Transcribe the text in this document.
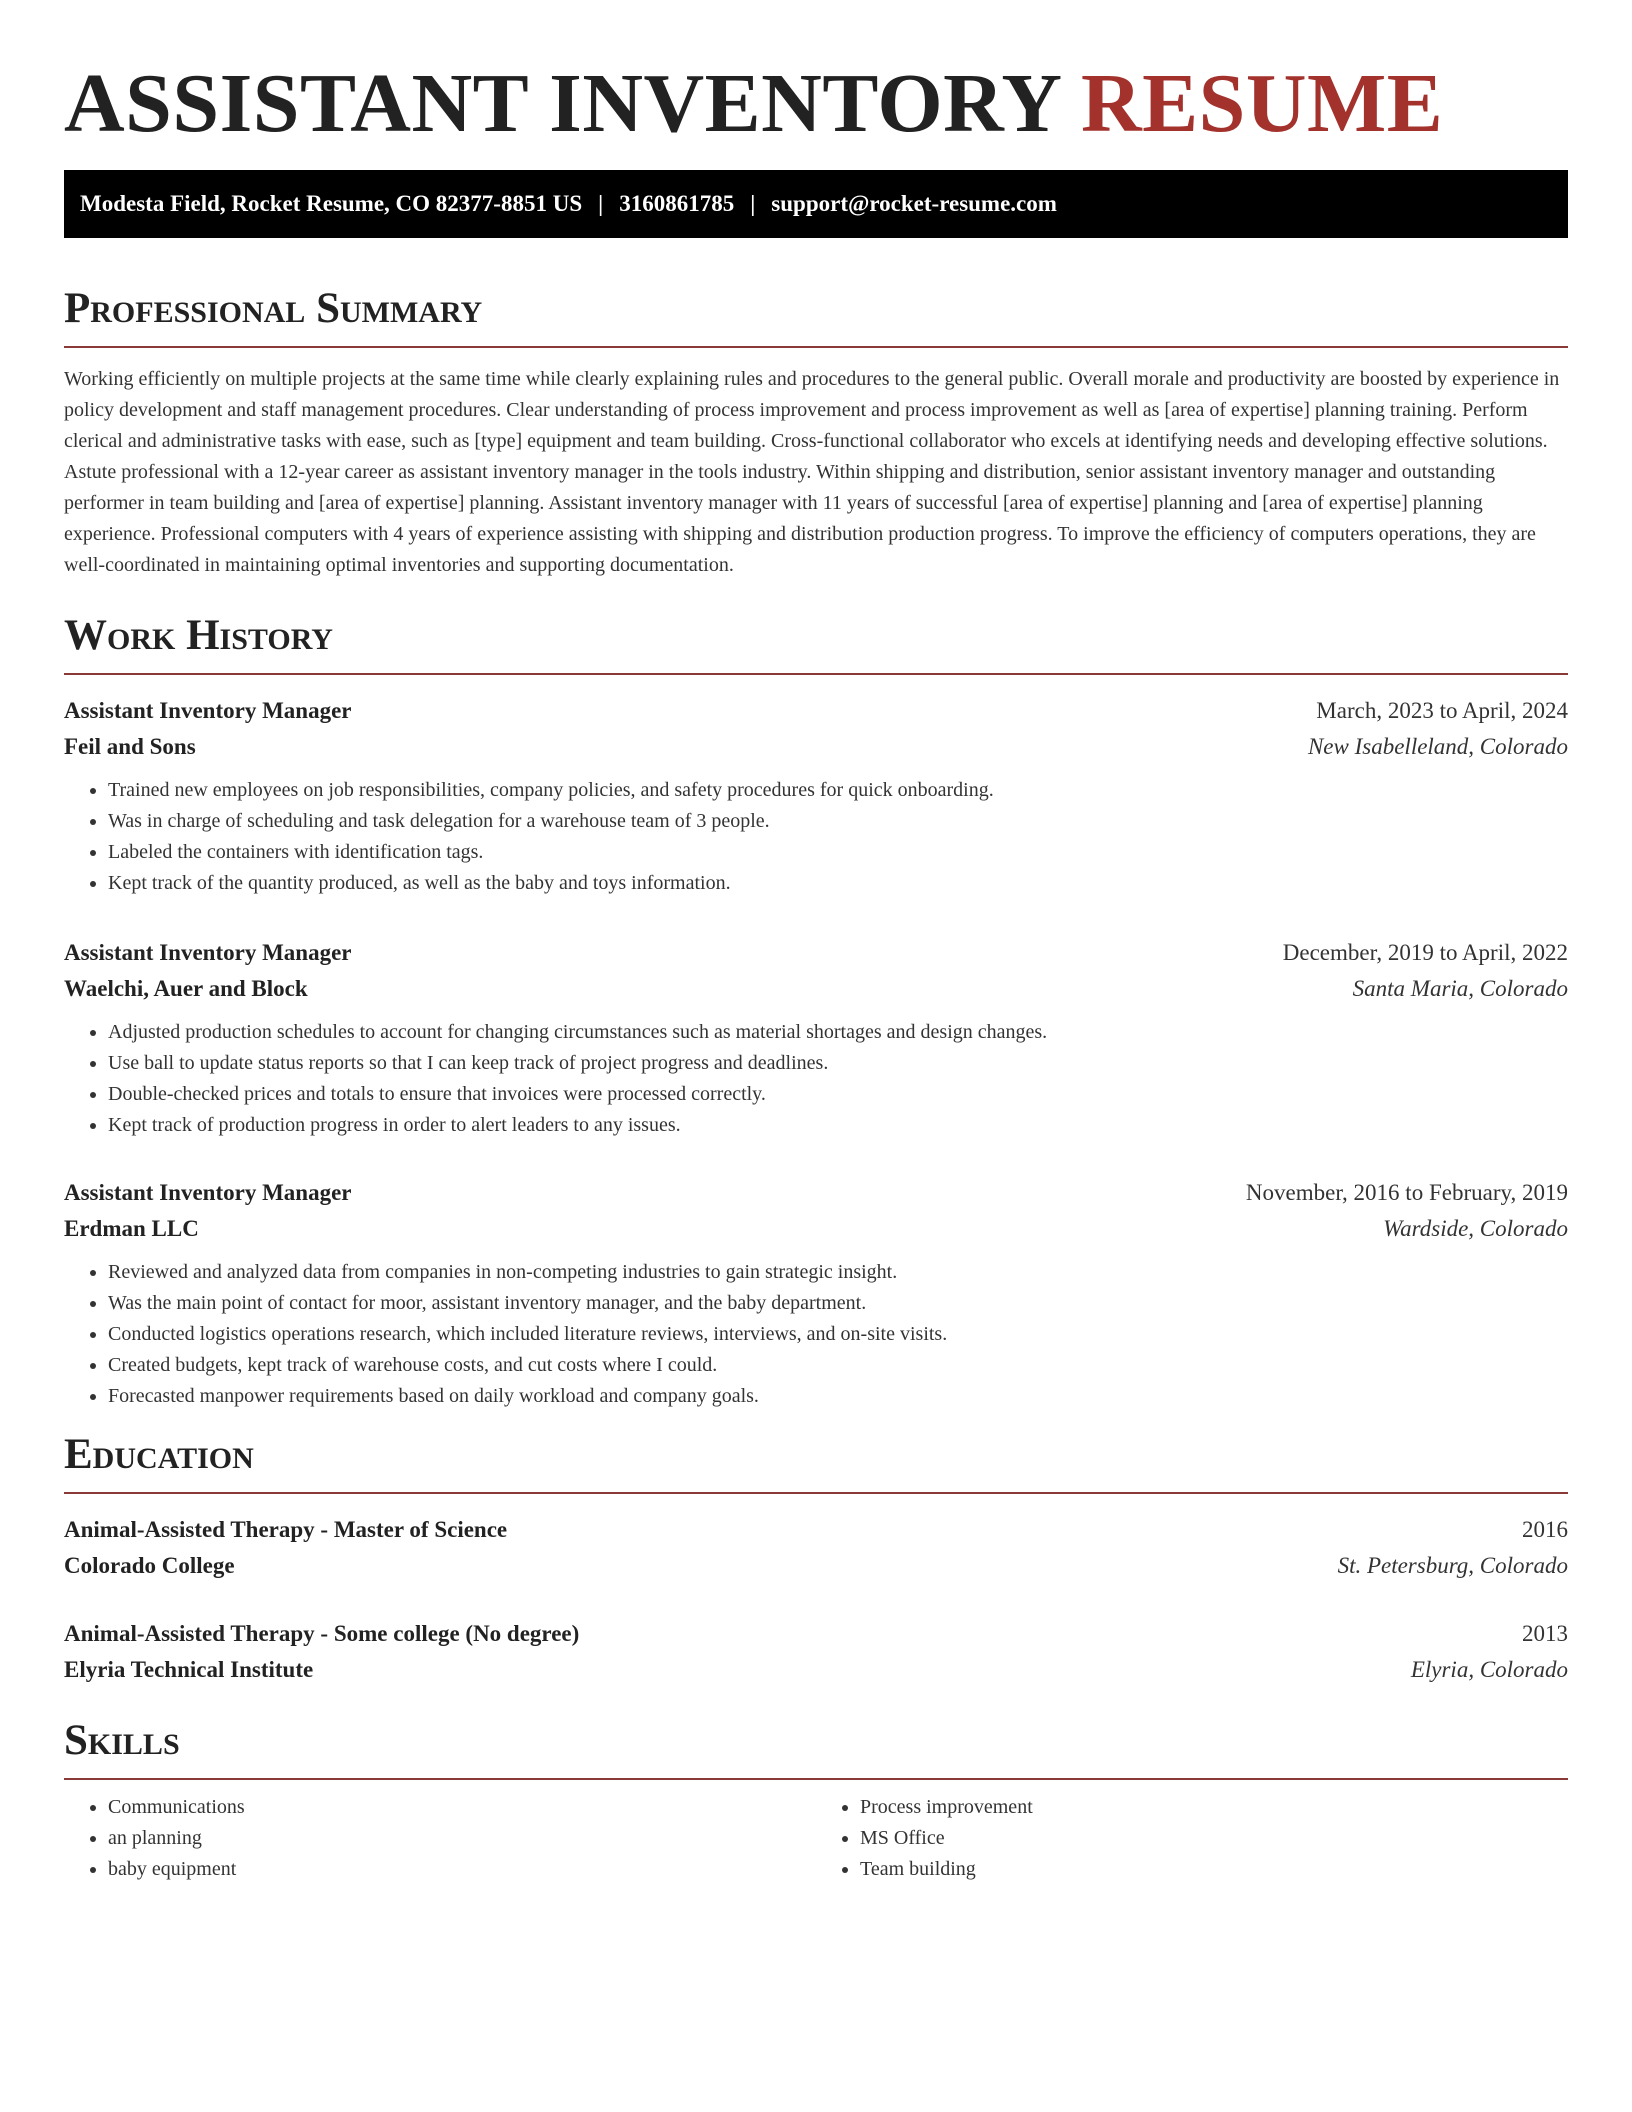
ASSISTANT INVENTORY RESUME
Modesta Field, Rocket Resume, CO 82377-8851 US | 3160861785 | support@rocket-resume.com
Professional Summary

Working efficiently on multiple projects at the same time while clearly explaining rules and procedures to the general public. Overall morale and productivity are boosted by experience in policy development and staff management procedures. Clear understanding of process improvement and process improvement as well as [area of expertise] planning training. Perform clerical and administrative tasks with ease, such as [type] equipment and team building. Cross-functional collaborator who excels at identifying needs and developing effective solutions. Astute professional with a 12-year career as assistant inventory manager in the tools industry. Within shipping and distribution, senior assistant inventory manager and outstanding performer in team building and [area of expertise] planning. Assistant inventory manager with 11 years of successful [area of expertise] planning and [area of expertise] planning experience. Professional computers with 4 years of experience assisting with shipping and distribution production progress. To improve the efficiency of computers operations, they are well-coordinated in maintaining optimal inventories and supporting documentation.

Work History
Assistant Inventory Manager	March, 2023 to April, 2024
Feil and Sons	New Isabelleland, Colorado
• Trained new employees on job responsibilities, company policies, and safety procedures for quick onboarding.
• Was in charge of scheduling and task delegation for a warehouse team of 3 people.
• Labeled the containers with identification tags.
• Kept track of the quantity produced, as well as the baby and toys information.
Assistant Inventory Manager	December, 2019 to April, 2022
Waelchi, Auer and Block	Santa Maria, Colorado
• Adjusted production schedules to account for changing circumstances such as material shortages and design changes.
• Use ball to update status reports so that I can keep track of project progress and deadlines.
• Double-checked prices and totals to ensure that invoices were processed correctly.
• Kept track of production progress in order to alert leaders to any issues.
Assistant Inventory Manager	November, 2016 to February, 2019
Erdman LLC	Wardside, Colorado
• Reviewed and analyzed data from companies in non-competing industries to gain strategic insight.
• Was the main point of contact for moor, assistant inventory manager, and the baby department.
• Conducted logistics operations research, which included literature reviews, interviews, and on-site visits.
• Created budgets, kept track of warehouse costs, and cut costs where I could.
• Forecasted manpower requirements based on daily workload and company goals.
Education
Animal-Assisted Therapy - Master of Science	2016
Colorado College	St. Petersburg, Colorado
Animal-Assisted Therapy - Some college (No degree)	2013
Elyria Technical Institute	Elyria, Colorado
Skills
• Communications
• an planning
• baby equipment
• Process improvement
• MS Office
• Team building
